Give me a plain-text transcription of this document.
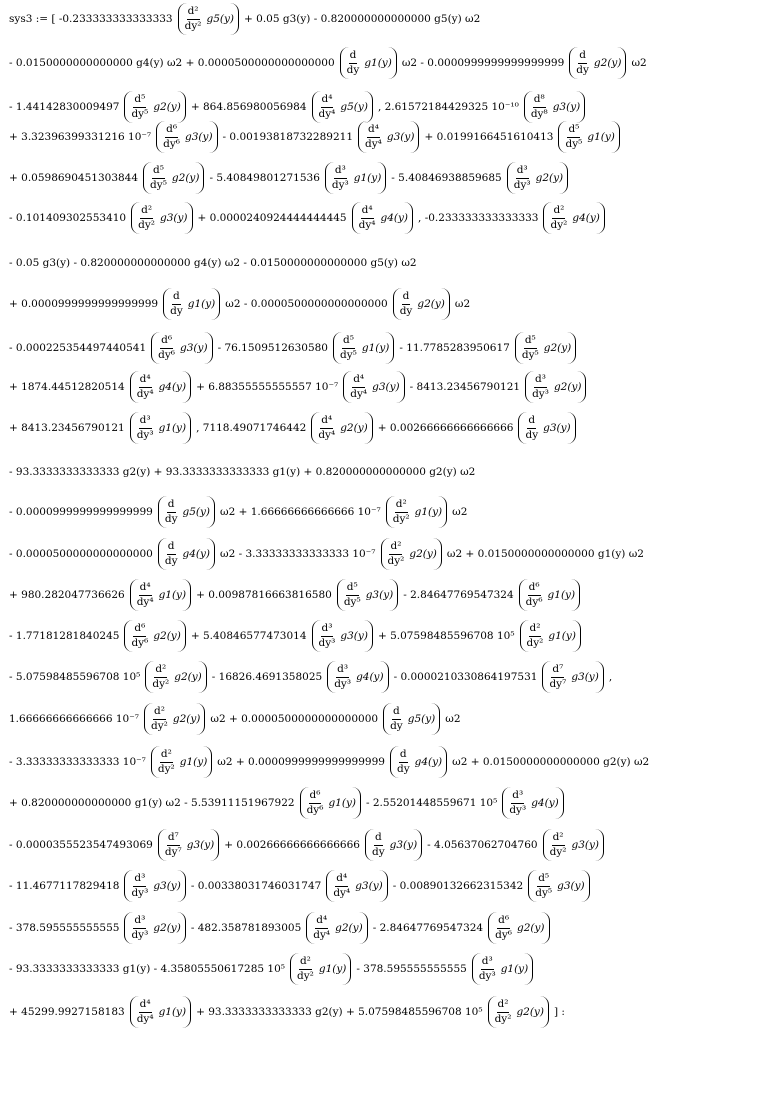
sys3 := [ $-0.233333333333333 \frac{\text{d²}}{\text{dy²}} g5(y) + 0.05$ g3(y) - 0.820000000000000 g5(y) ω2
- 0.0150000000000000 g4(y) $\omega 2 + 0.0000500000000000000 \frac{d}{dy} g1(y)$ $\omega 2 - 0.0000999999999999999 \frac{d}{dy} g2(y)$ ω2
- $1.44142830009497 \frac{\text{d⁵}}{\text{dy⁵}} g2(y) + 864.856980056984 \frac{\text{d⁴}}{\text{dy⁴}} g5(y)$ , 2.61572184429325 $10^{-10} \frac{\text{d⁸}}{\text{dy⁸}} g3(y)$
+ 3.32396399331216 $10^{-7} \frac{\text{d⁶}}{\text{dy⁶}} g3(y) - 0.00193818732289211 \frac{\text{d⁴}}{\text{dy⁴}} g3(y) + 0.0199166451610413 \frac{\text{d⁵}}{\text{dy⁵}} g1(y)$
+ $0.0598690451303844 \frac{\text{d⁵}}{\text{dy⁵}} g2(y) - 5.40849801271536 \frac{\text{d³}}{\text{dy³}} g1(y) - 5.40846938859685 \frac{\text{d³}}{\text{dy³}} g2(y)$
- $0.101409302553410 \frac{\text{d²}}{\text{dy²}} g3(y) + 0.0000240924444444445 \frac{\text{d⁴}}{\text{dy⁴}} g4(y)$ , $-0.233333333333333 \frac{\text{d²}}{\text{dy²}} g4(y)$
- 0.05 g3(y) - 0.820000000000000 g4(y) ω2 - 0.0150000000000000 g5(y) ω2
+ $0.0000999999999999999 \frac{d}{dy} g1(y)$ $\omega 2 - 0.0000500000000000000 \frac{d}{dy} g2(y)$ ω2
- $0.000225354497440541 \frac{\text{d⁶}}{\text{dy⁶}} g3(y) - 76.1509512630580 \frac{\text{d⁵}}{\text{dy⁵}} g1(y) - 11.7785283950617 \frac{\text{d⁵}}{\text{dy⁵}} g2(y)$
+ $1874.44512820514 \frac{\text{d⁴}}{\text{dy⁴}} g4(y) + 6.88355555555557$ $10^{-7} \frac{\text{d⁴}}{\text{dy⁴}} g3(y) - 8413.23456790121 \frac{\text{d³}}{\text{dy³}} g2(y)$
+ $8413.23456790121 \frac{\text{d³}}{\text{dy³}} g1(y)$ , $7118.49071746442 \frac{\text{d⁴}}{\text{dy⁴}} g2(y) + 0.00266666666666666 \frac{d}{dy} g3(y)$
- 93.3333333333333 g2(y) + 93.3333333333333 g1(y) + 0.820000000000000 g2(y) ω2
- $0.0000999999999999999 \frac{d}{dy} g5(y) \omega 2 + 1.66666666666666$ $10^{-7} \frac{\text{d²}}{\text{dy²}} g1(y)$ ω2
- $0.0000500000000000000 \frac{d}{dy} g4(y)$ ω2 - 3.33333333333333 $10^{-7} \frac{\text{d²}}{\text{dy²}} g2(y) \omega 2 + 0.0150000000000000$ g1(y) ω2
+ $980.282047736626 \frac{\text{d⁴}}{\text{dy⁴}} g1(y) + 0.00987816663816580 \frac{\text{d⁵}}{\text{dy⁵}} g3(y) - 2.84647769547324 \frac{\text{d⁶}}{\text{dy⁶}} g1(y)$
- $1.77181281840245 \frac{\text{d⁶}}{\text{dy⁶}} g2(y) + 5.40846577473014 \frac{\text{d³}}{\text{dy³}} g3(y) + 5.07598485596708$ $10^5 \frac{\text{d²}}{\text{dy²}} g1(y)$
- 5.07598485596708 $10^5 \frac{\text{d²}}{\text{dy²}} g2(y) - 16826.4691358025 \frac{\text{d³}}{\text{dy³}} g4(y) - 0.0000210330864197531 \frac{\text{d⁷}}{\text{dy⁷}} g3(y)$ ,
1.66666666666666 $10^{-7} \frac{\text{d²}}{\text{dy²}} g2(y) \omega 2 + 0.0000500000000000000 \frac{d}{dy} g5(y)$ ω2
- 3.33333333333333 $10^{-7} \frac{\text{d²}}{\text{dy²}} g1(y) \omega 2 + 0.0000999999999999999 \frac{d}{dy} g4(y) \omega 2 + 0.0150000000000000$ g2(y) ω2
+ 0.820000000000000 g1(y) $\omega 2 - 5.53911151967922 \frac{\text{d⁶}}{\text{dy⁶}} g1(y) - 2.55201448559671$ $10^5 \frac{\text{d³}}{\text{dy³}} g4(y)$
- $0.0000355523547493069 \frac{\text{d⁷}}{\text{dy⁷}} g3(y) + 0.00266666666666666 \frac{d}{dy} g3(y) - 4.05637062704760 \frac{\text{d²}}{\text{dy²}} g3(y)$
- $11.4677117829418 \frac{\text{d³}}{\text{dy³}} g3(y) - 0.00338031746031747 \frac{\text{d⁴}}{\text{dy⁴}} g3(y) - 0.00890132662315342 \frac{\text{d⁵}}{\text{dy⁵}} g3(y)$
- $378.595555555555 \frac{\text{d³}}{\text{dy³}} g2(y) - 482.358781893005 \frac{\text{d⁴}}{\text{dy⁴}} g2(y) - 2.84647769547324 \frac{\text{d⁶}}{\text{dy⁶}} g2(y)$
- 93.3333333333333 g1(y) - 4.35805550617285 $10^5 \frac{\text{d²}}{\text{dy²}} g1(y) - 378.595555555555 \frac{\text{d³}}{\text{dy³}} g1(y)$
+ $45299.9927158183 \frac{\text{d⁴}}{\text{dy⁴}} g1(y) + 93.3333333333333$ g2(y) + 5.07598485596708 $10^5 \frac{\text{d²}}{\text{dy²}} g2(y)$ ] :
